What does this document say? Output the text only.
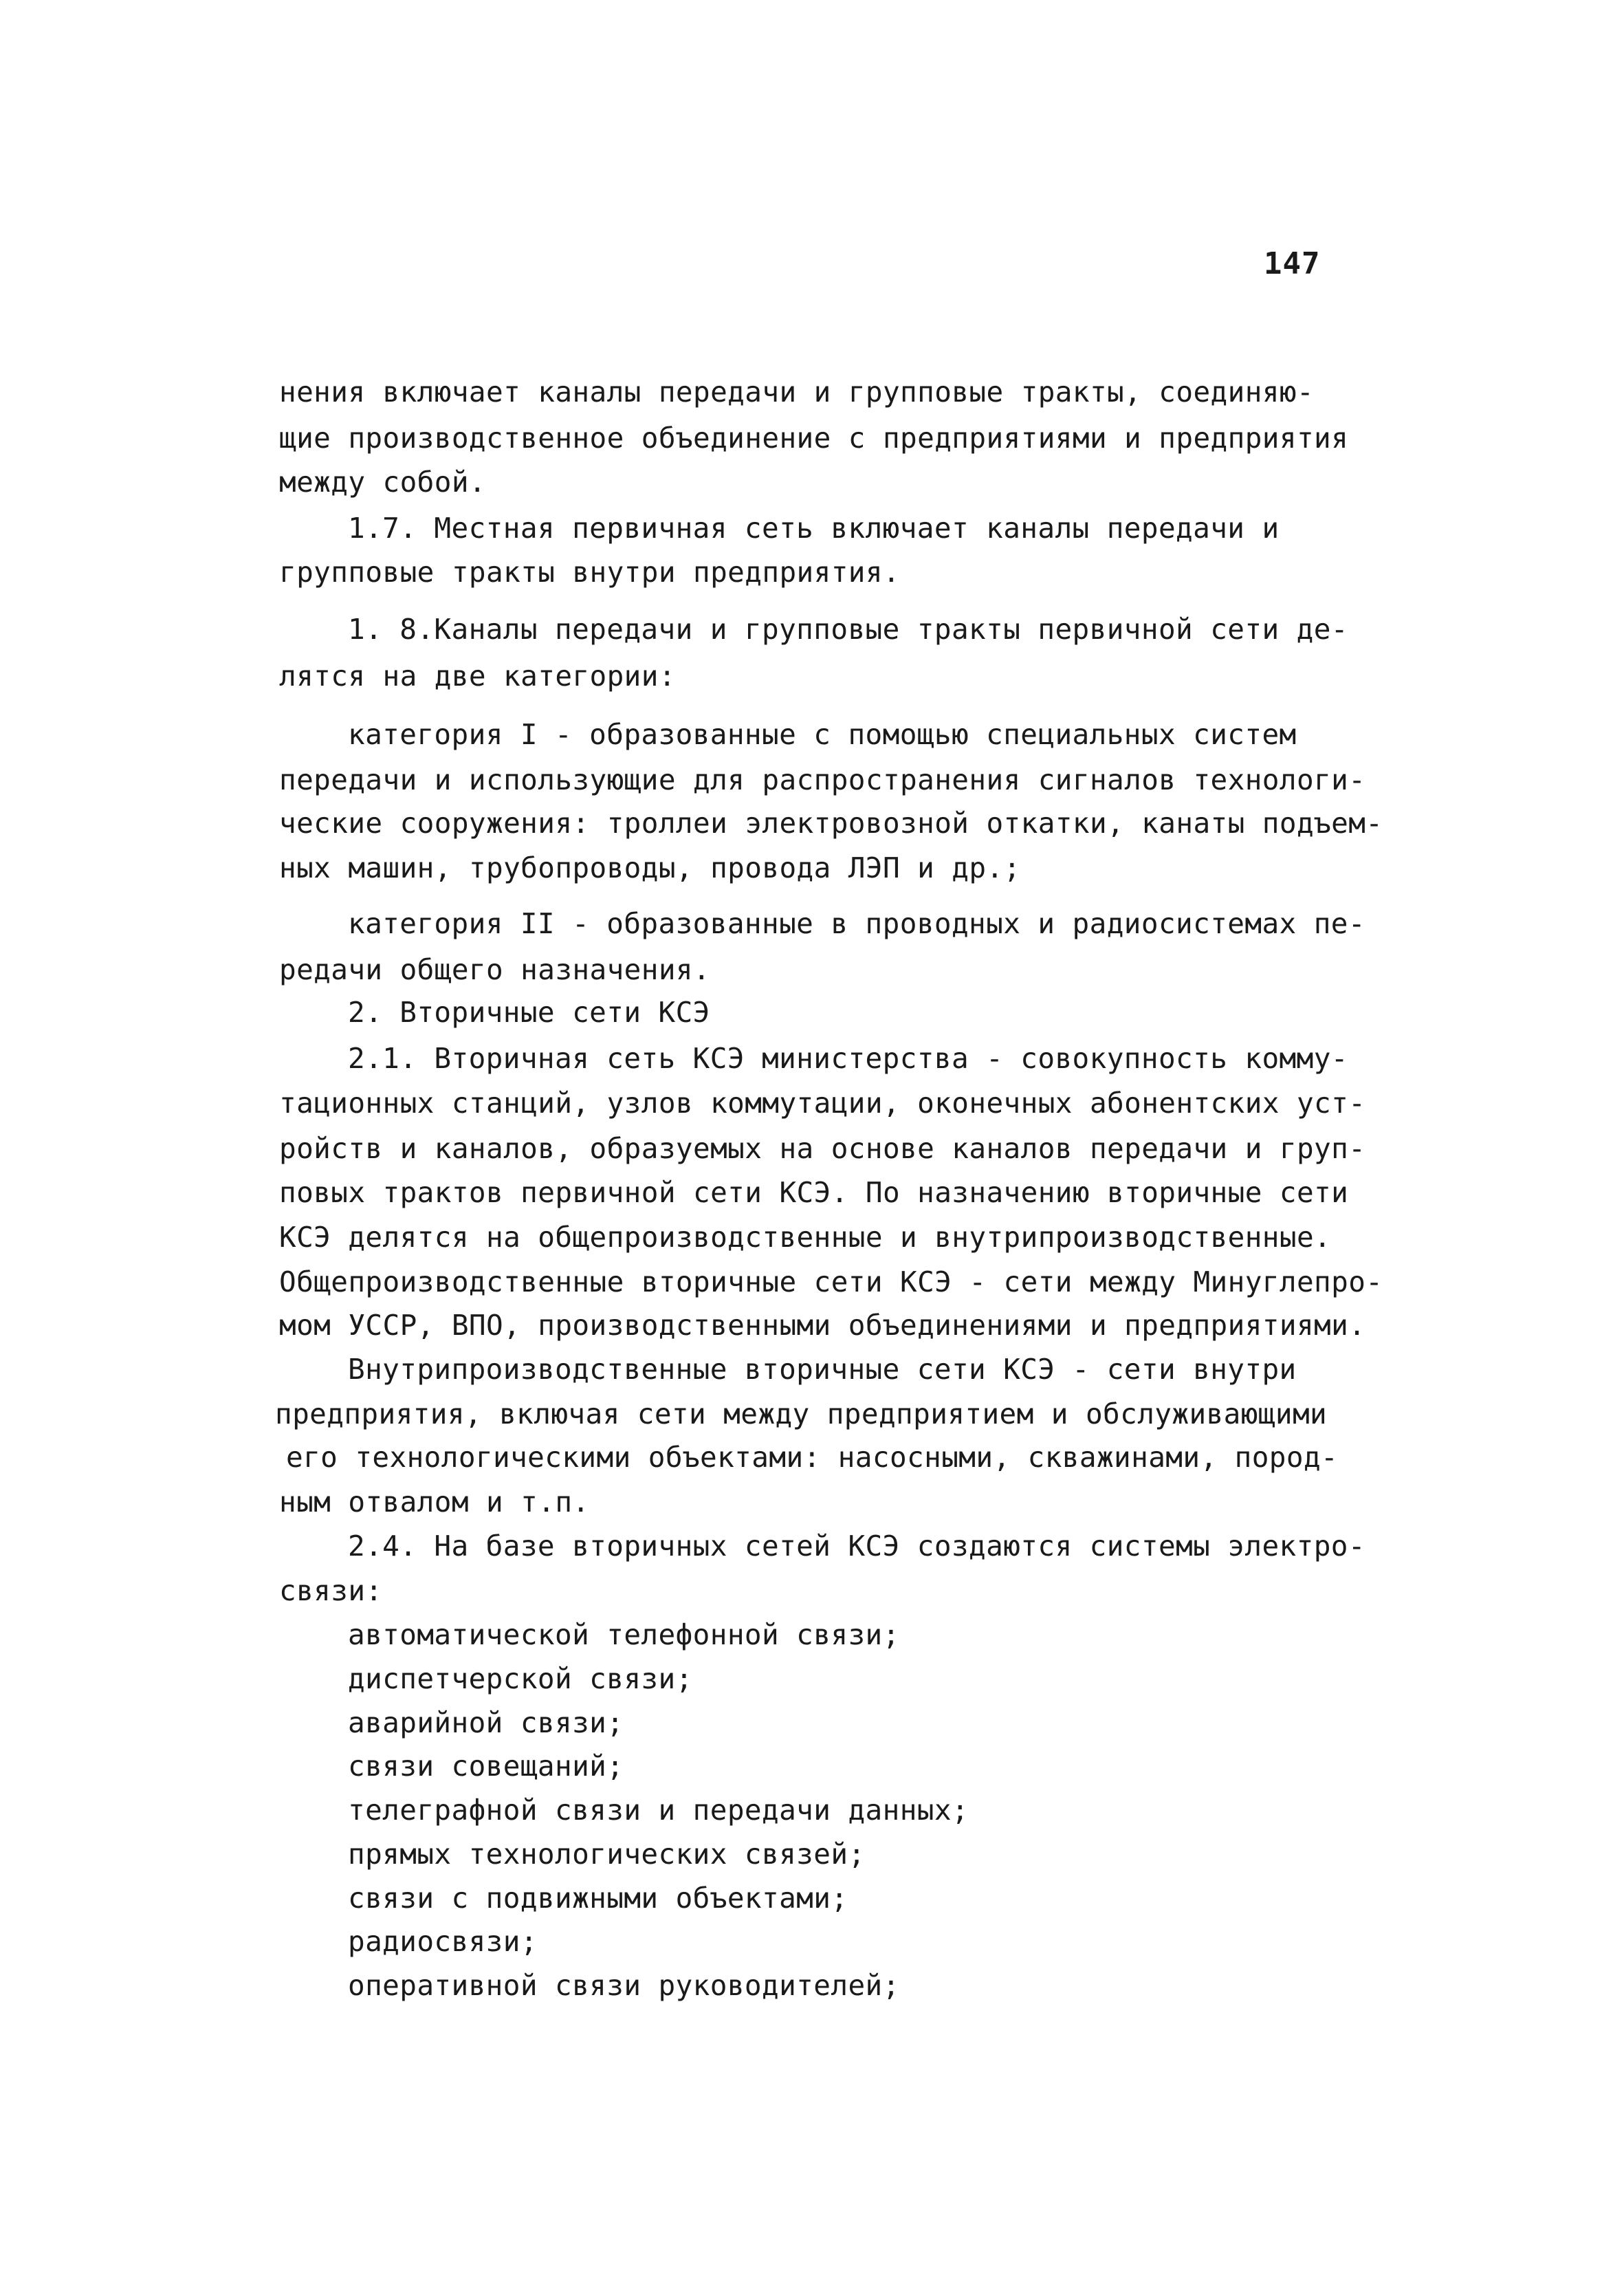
147
нения включает каналы передачи и групповые тракты, соединяю-
щие производственное объединение с предприятиями и предприятия
между собой.
1.7. Местная первичная сеть включает каналы передачи и
групповые тракты внутри предприятия.
1. 8.Каналы передачи и групповые тракты первичной сети де-
лятся на две категории:
категория I - образованные с помощью специальных систем
передачи и использующие для распространения сигналов технологи-
ческие сооружения: троллеи электровозной откатки, канаты подъем-
ных машин, трубопроводы, провода ЛЭП и др.;
категория II - образованные в проводных и радиосистемах пе-
редачи общего назначения.
2. Вторичные сети КСЭ
2.1. Вторичная сеть КСЭ министерства - совокупность комму-
тационных станций, узлов коммутации, оконечных абонентских уст-
ройств и каналов, образуемых на основе каналов передачи и груп-
повых трактов первичной сети КСЭ. По назначению вторичные сети
КСЭ делятся на общепроизводственные и внутрипроизводственные.
Общепроизводственные вторичные сети КСЭ - сети между Минуглепро-
мом УССР, ВПО, производственными объединениями и предприятиями.
Внутрипроизводственные вторичные сети КСЭ - сети внутри
предприятия, включая сети между предприятием и обслуживающими
его технологическими объектами: насосными, скважинами, пород-
ным отвалом и т.п.
2.4. На базе вторичных сетей КСЭ создаются системы электро-
связи:
автоматической телефонной связи;
диспетчерской связи;
аварийной связи;
связи совещаний;
телеграфной связи и передачи данных;
прямых технологических связей;
связи с подвижными объектами;
радиосвязи;
оперативной связи руководителей;
